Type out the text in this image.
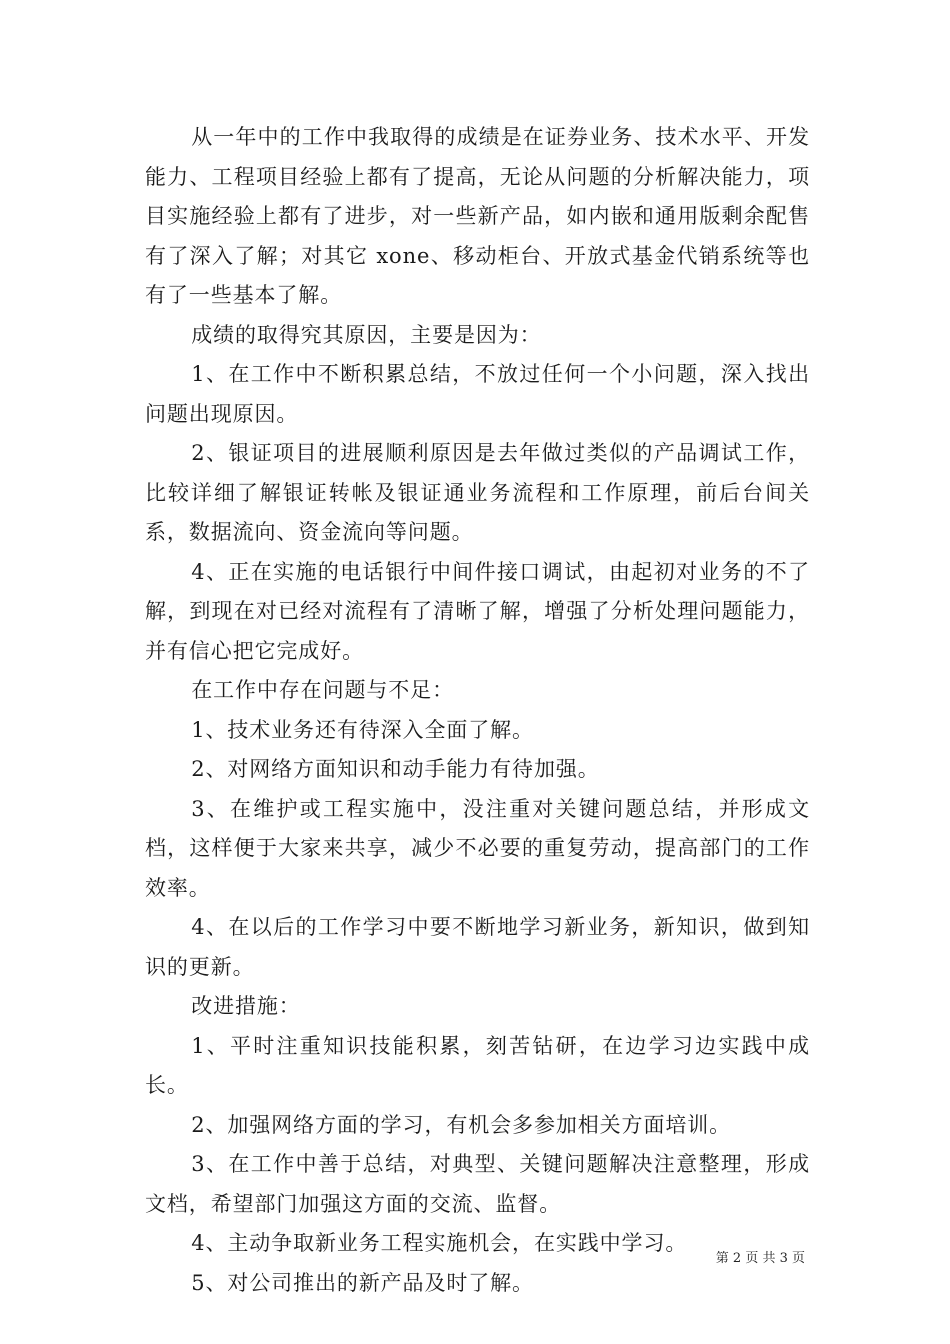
从一年中的工作中我取得的成绩是在证券业务、技术水平、开发能力、工程项目经验上都有了提高，无论从问题的分析解决能力，项目实施经验上都有了进步，对一些新产品，如内嵌和通用版剩余配售有了深入了解；对其它 xone、移动柜台、开放式基金代销系统等也有了一些基本了解。

成绩的取得究其原因，主要是因为：

1、在工作中不断积累总结，不放过任何一个小问题，深入找出问题出现原因。

2、银证项目的进展顺利原因是去年做过类似的产品调试工作，比较详细了解银证转帐及银证通业务流程和工作原理，前后台间关系，数据流向、资金流向等问题。

4、正在实施的电话银行中间件接口调试，由起初对业务的不了解，到现在对已经对流程有了清晰了解，增强了分析处理问题能力，并有信心把它完成好。

在工作中存在问题与不足：

1、技术业务还有待深入全面了解。

2、对网络方面知识和动手能力有待加强。

3、在维护或工程实施中，没注重对关键问题总结，并形成文档，这样便于大家来共享，减少不必要的重复劳动，提高部门的工作效率。

4、在以后的工作学习中要不断地学习新业务，新知识，做到知识的更新。

改进措施：

1、平时注重知识技能积累，刻苦钻研，在边学习边实践中成长。

2、加强网络方面的学习，有机会多参加相关方面培训。

3、在工作中善于总结，对典型、关键问题解决注意整理，形成文档，希望部门加强这方面的交流、监督。

4、主动争取新业务工程实施机会，在实践中学习。

5、对公司推出的新产品及时了解。

第 2 页 共 3 页
